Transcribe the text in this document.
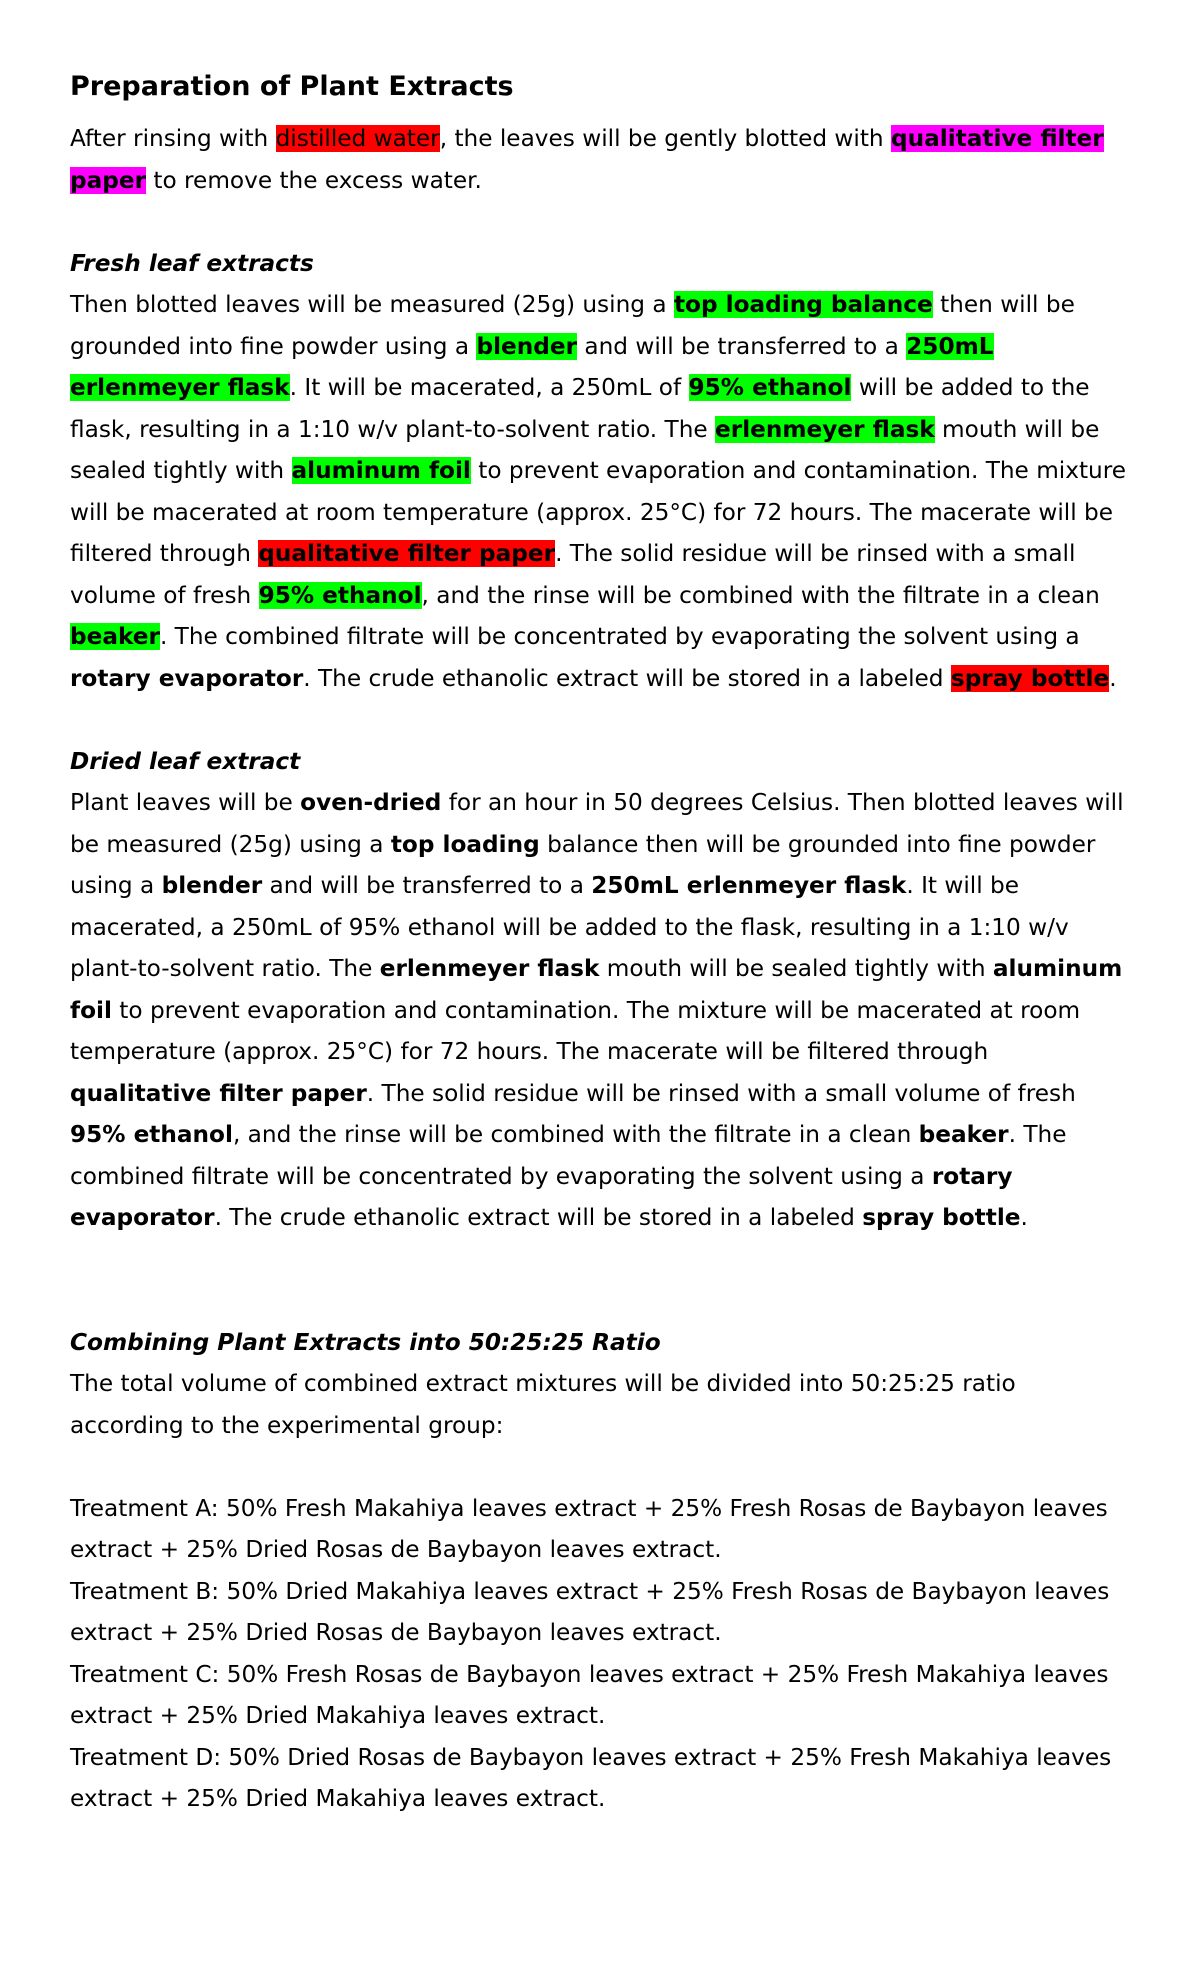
Preparation of Plant Extracts

After rinsing with distilled water, the leaves will be gently blotted with qualitative filter paper to remove the excess water.

Fresh leaf extracts

Then blotted leaves will be measured (25g) using a top loading balance then will be grounded into fine powder using a blender and will be transferred to a 250mL erlenmeyer flask. It will be macerated, a 250mL of 95% ethanol will be added to the flask, resulting in a 1:10 w/v plant-to-solvent ratio. The erlenmeyer flask mouth will be sealed tightly with aluminum foil to prevent evaporation and contamination. The mixture will be macerated at room temperature (approx. 25°C) for 72 hours. The macerate will be filtered through qualitative filter paper. The solid residue will be rinsed with a small volume of fresh 95% ethanol, and the rinse will be combined with the filtrate in a clean beaker. The combined filtrate will be concentrated by evaporating the solvent using a rotary evaporator. The crude ethanolic extract will be stored in a labeled spray bottle.

Dried leaf extract

Plant leaves will be oven-dried for an hour in 50 degrees Celsius. Then blotted leaves will be measured (25g) using a top loading balance then will be grounded into fine powder using a blender and will be transferred to a 250mL erlenmeyer flask. It will be macerated, a 250mL of 95% ethanol will be added to the flask, resulting in a 1:10 w/v plant-to-solvent ratio. The erlenmeyer flask mouth will be sealed tightly with aluminum foil to prevent evaporation and contamination. The mixture will be macerated at room temperature (approx. 25°C) for 72 hours. The macerate will be filtered through qualitative filter paper. The solid residue will be rinsed with a small volume of fresh 95% ethanol, and the rinse will be combined with the filtrate in a clean beaker. The combined filtrate will be concentrated by evaporating the solvent using a rotary evaporator. The crude ethanolic extract will be stored in a labeled spray bottle.

Combining Plant Extracts into 50:25:25 Ratio

The total volume of combined extract mixtures will be divided into 50:25:25 ratio according to the experimental group:

Treatment A: 50% Fresh Makahiya leaves extract + 25% Fresh Rosas de Baybayon leaves extract + 25% Dried Rosas de Baybayon leaves extract.

Treatment B: 50% Dried Makahiya leaves extract + 25% Fresh Rosas de Baybayon leaves extract + 25% Dried Rosas de Baybayon leaves extract.

Treatment C: 50% Fresh Rosas de Baybayon leaves extract + 25% Fresh Makahiya leaves extract + 25% Dried Makahiya leaves extract.

Treatment D: 50% Dried Rosas de Baybayon leaves extract + 25% Fresh Makahiya leaves extract + 25% Dried Makahiya leaves extract.
